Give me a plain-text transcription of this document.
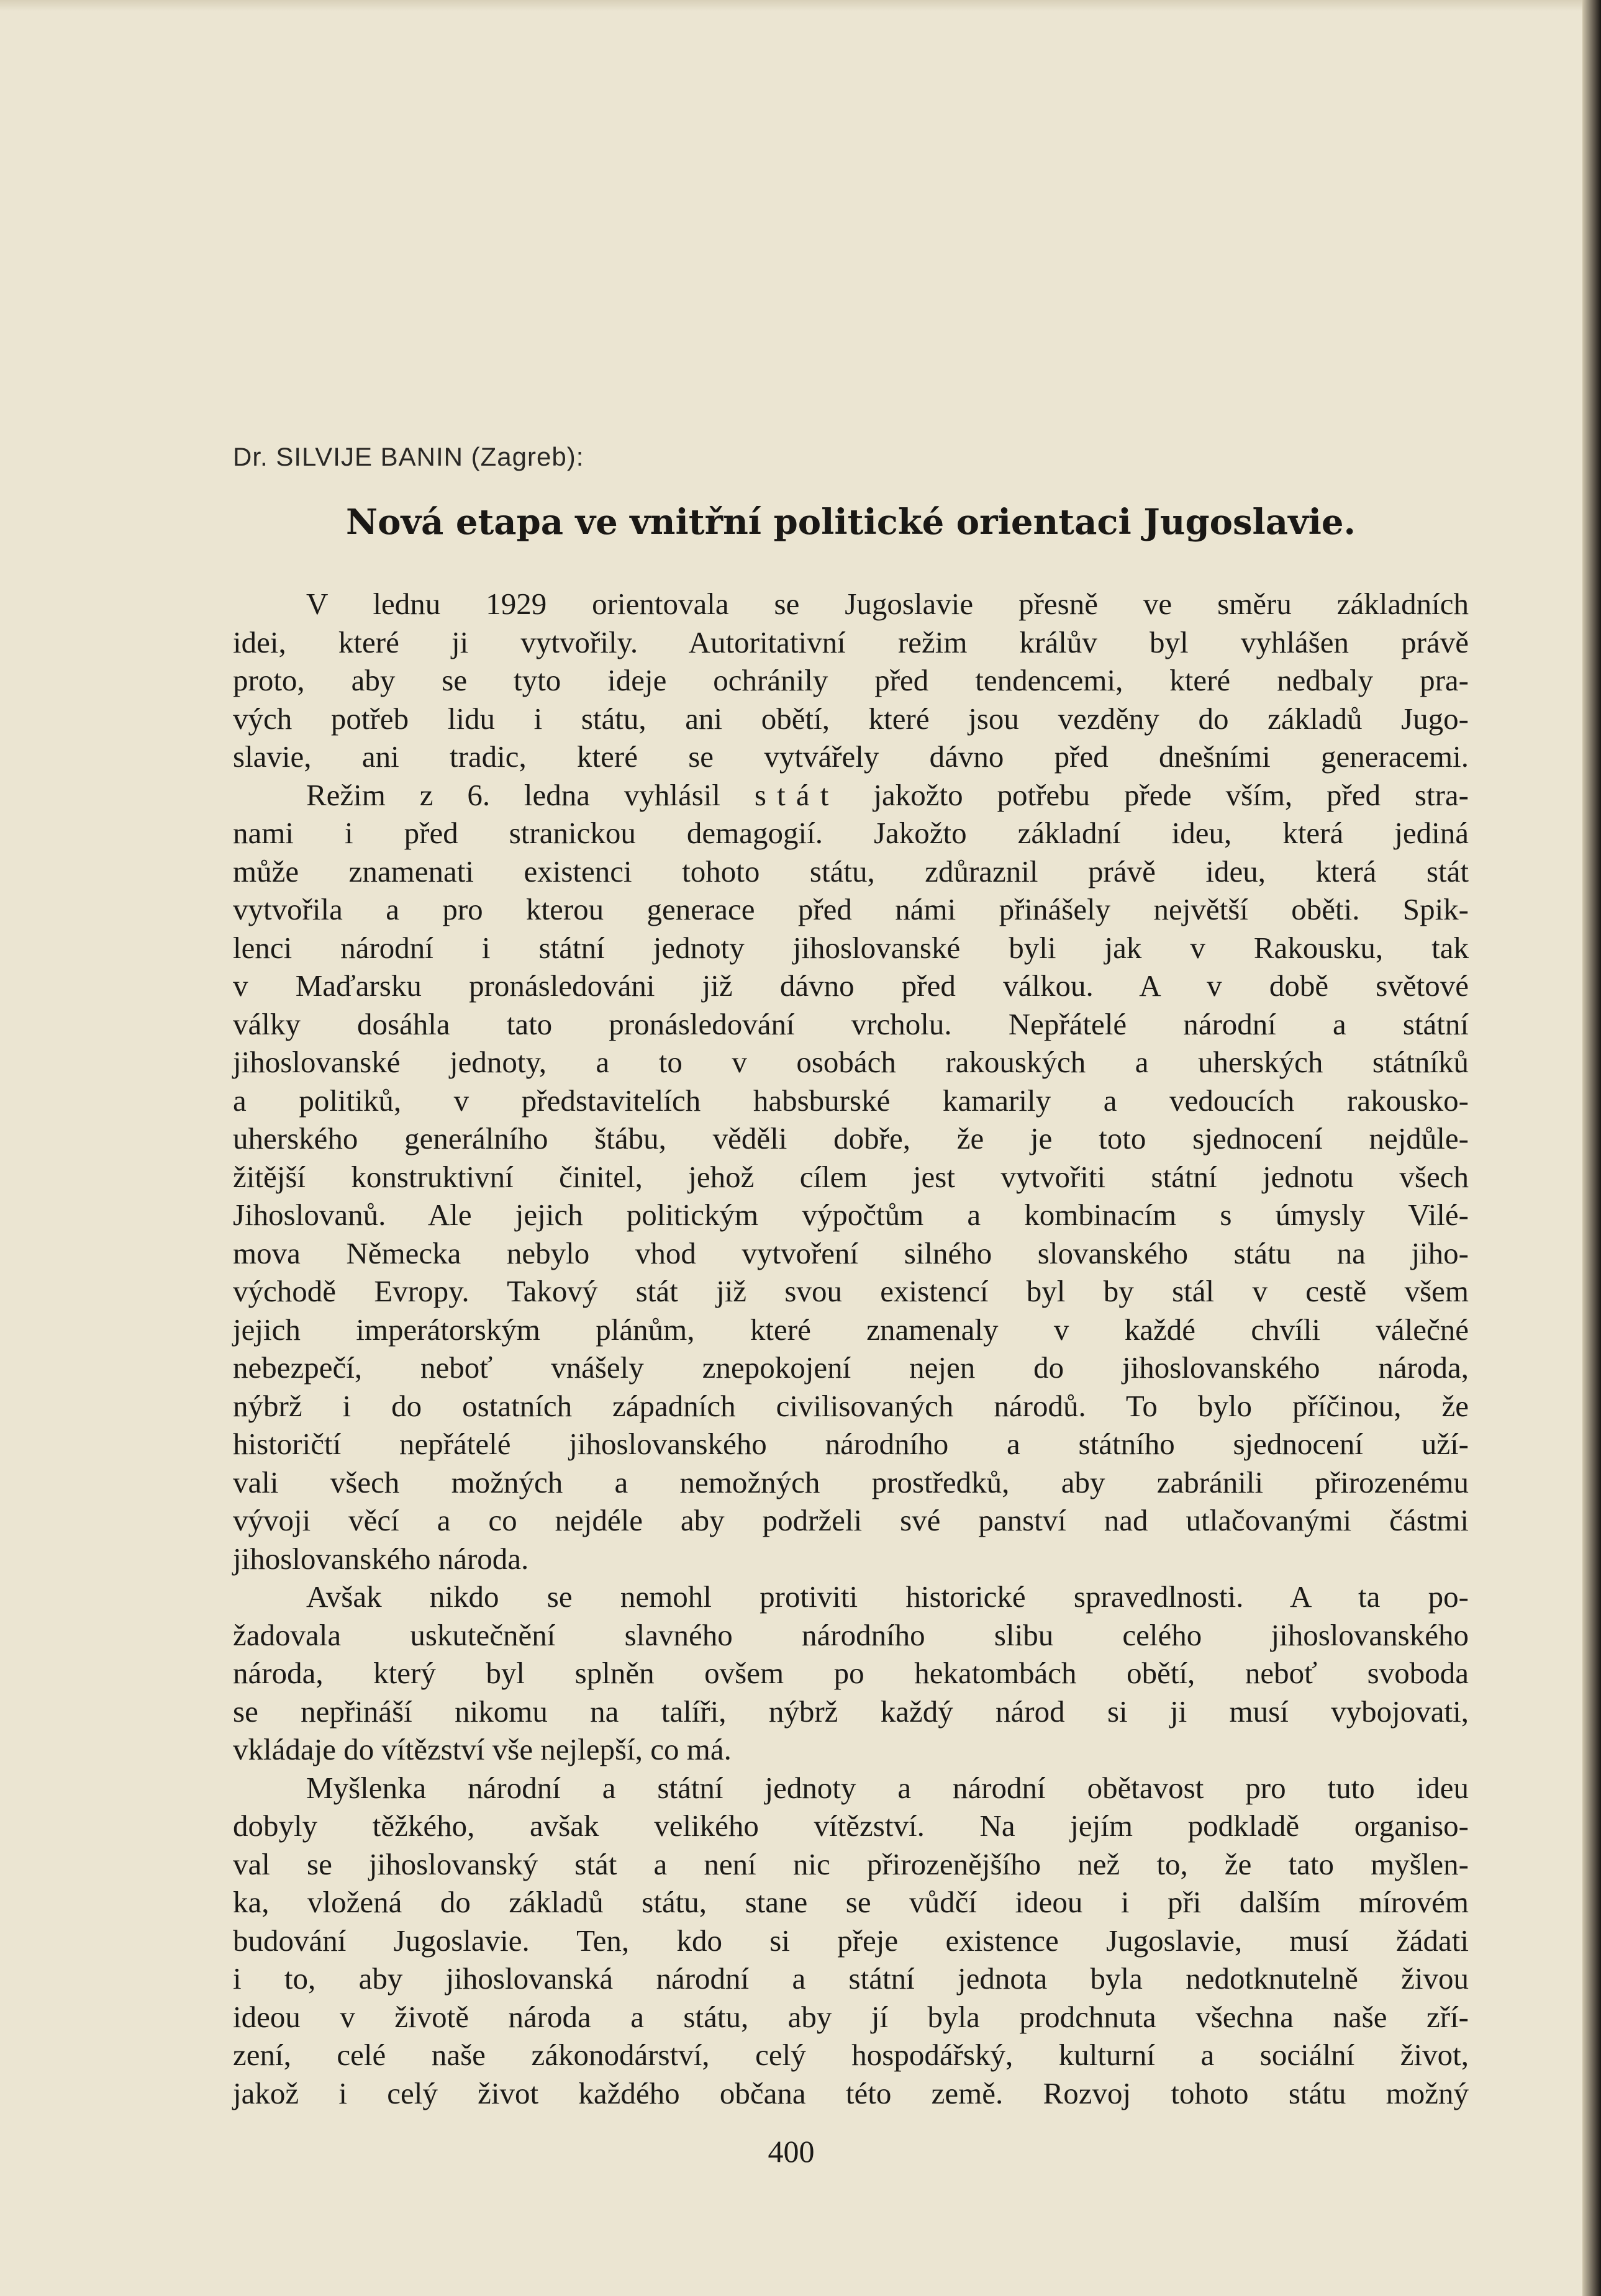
Dr. SILVIJE BANIN (Zagreb):

Nová etapa ve vnitřní politické orientaci Jugoslavie.
V lednu 1929 orientovala se Jugoslavie přesně ve směru základních
idei, které ji vytvořily. Autoritativní režim králův byl vyhlášen právě
proto, aby se tyto ideje ochránily před tendencemi, které nedbaly pra-
vých potřeb lidu i státu, ani obětí, které jsou vezděny do základů Jugo-
slavie, ani tradic, které se vytvářely dávno před dnešními generacemi.
Režim z 6. ledna vyhlásil stát jakožto potřebu přede vším, před stra-
nami i před stranickou demagogií. Jakožto základní ideu, která jediná
může znamenati existenci tohoto státu, zdůraznil právě ideu, která stát
vytvořila a pro kterou generace před námi přinášely největší oběti. Spik-
lenci národní i státní jednoty jihoslovanské byli jak v Rakousku, tak
v Maďarsku pronásledováni již dávno před válkou. A v době světové
války dosáhla tato pronásledování vrcholu. Nepřátelé národní a státní
jihoslovanské jednoty, a to v osobách rakouských a uherských státníků
a politiků, v představitelích habsburské kamarily a vedoucích rakousko-
uherského generálního štábu, věděli dobře, že je toto sjednocení nejdůle-
žitější konstruktivní činitel, jehož cílem jest vytvořiti státní jednotu všech
Jihoslovanů. Ale jejich politickým výpočtům a kombinacím s úmysly Vilé-
mova Německa nebylo vhod vytvoření silného slovanského státu na jiho-
východě Evropy. Takový stát již svou existencí byl by stál v cestě všem
jejich imperátorským plánům, které znamenaly v každé chvíli válečné
nebezpečí, neboť vnášely znepokojení nejen do jihoslovanského národa,
nýbrž i do ostatních západních civilisovaných národů. To bylo příčinou, že
historičtí nepřátelé jihoslovanského národního a státního sjednocení uží-
vali všech možných a nemožných prostředků, aby zabránili přirozenému
vývoji věcí a co nejdéle aby podrželi své panství nad utlačovanými částmi
jihoslovanského národa.
Avšak nikdo se nemohl protiviti historické spravedlnosti. A ta po-
žadovala uskutečnění slavného národního slibu celého jihoslovanského
národa, který byl splněn ovšem po hekatombách obětí, neboť svoboda
se nepřináší nikomu na talíři, nýbrž každý národ si ji musí vybojovati,
vkládaje do vítězství vše nejlepší, co má.
Myšlenka národní a státní jednoty a národní obětavost pro tuto ideu
dobyly těžkého, avšak velikého vítězství. Na jejím podkladě organiso-
val se jihoslovanský stát a není nic přirozenějšího než to, že tato myšlen-
ka, vložená do základů státu, stane se vůdčí ideou i při dalším mírovém
budování Jugoslavie. Ten, kdo si přeje existence Jugoslavie, musí žádati
i to, aby jihoslovanská národní a státní jednota byla nedotknutelně živou
ideou v životě národa a státu, aby jí byla prodchnuta všechna naše zří-
zení, celé naše zákonodárství, celý hospodářský, kulturní a sociální život,
jakož i celý život každého občana této země. Rozvoj tohoto státu možný

400
